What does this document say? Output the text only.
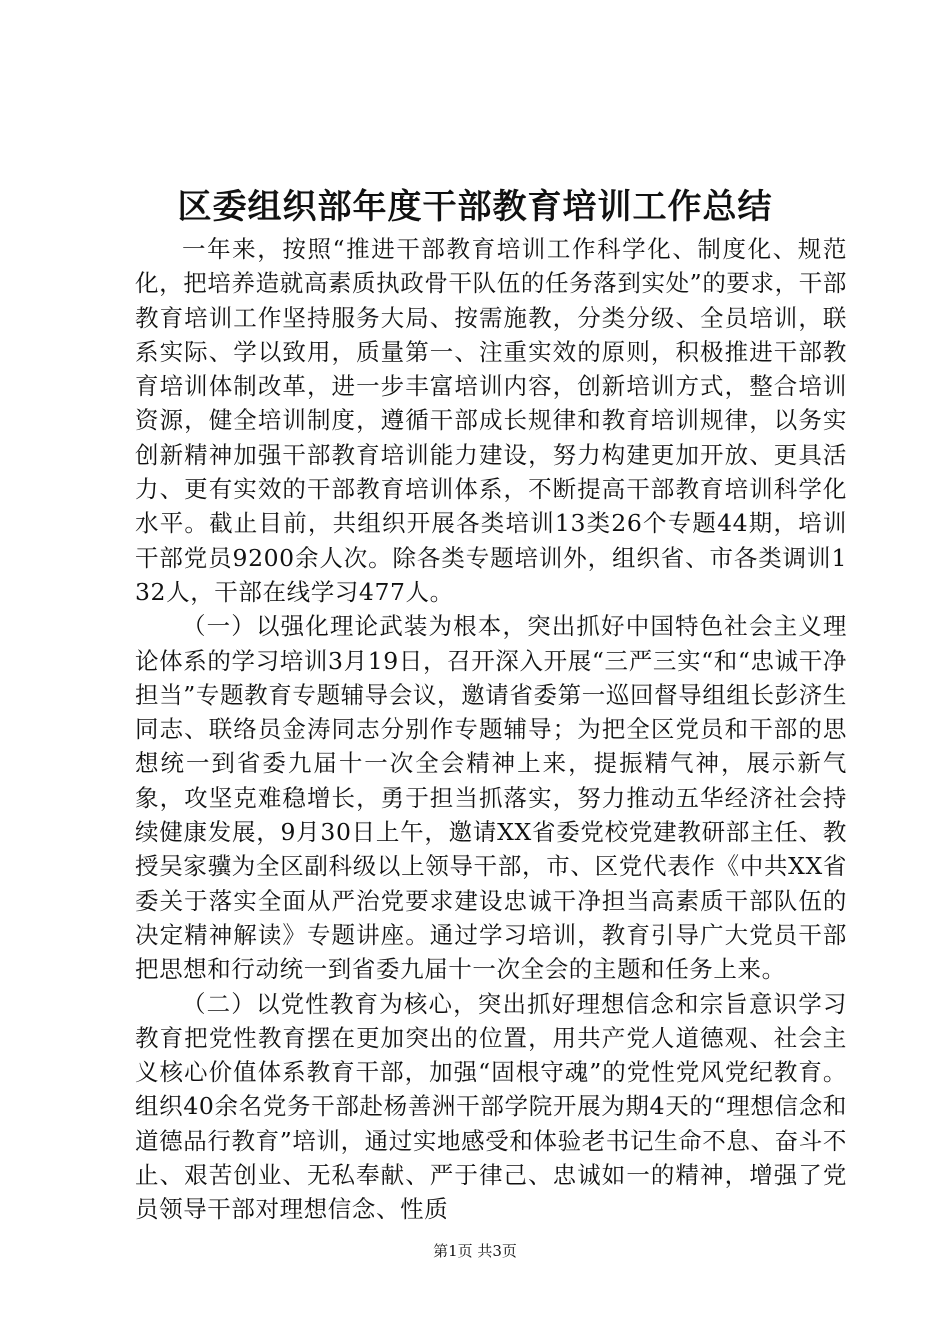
区委组织部年度干部教育培训工作总结

一年来，按照“推进干部教育培训工作科学化、制度化、规范化，把培养造就高素质执政骨干队伍的任务落到实处”的要求，干部教育培训工作坚持服务大局、按需施教，分类分级、全员培训，联系实际、学以致用，质量第一、注重实效的原则，积极推进干部教育培训体制改革，进一步丰富培训内容，创新培训方式，整合培训资源，健全培训制度，遵循干部成长规律和教育培训规律，以务实创新精神加强干部教育培训能力建设，努力构建更加开放、更具活力、更有实效的干部教育培训体系，不断提高干部教育培训科学化水平。截止目前，共组织开展各类培训13类26个专题44期，培训干部党员9200余人次。除各类专题培训外，组织省、市各类调训132人，干部在线学习477人。

（一）以强化理论武装为根本，突出抓好中国特色社会主义理论体系的学习培训3月19日，召开深入开展“三严三实“和“忠诚干净担当”专题教育专题辅导会议，邀请省委第一巡回督导组组长彭济生同志、联络员金涛同志分别作专题辅导；为把全区党员和干部的思想统一到省委九届十一次全会精神上来，提振精气神，展示新气象，攻坚克难稳增长，勇于担当抓落实，努力推动五华经济社会持续健康发展，9月30日上午，邀请XX省委党校党建教研部主任、教授吴家骥为全区副科级以上领导干部，市、区党代表作《中共XX省委关于落实全面从严治党要求建设忠诚干净担当高素质干部队伍的决定精神解读》专题讲座。通过学习培训，教育引导广大党员干部把思想和行动统一到省委九届十一次全会的主题和任务上来。

（二）以党性教育为核心，突出抓好理想信念和宗旨意识学习教育把党性教育摆在更加突出的位置，用共产党人道德观、社会主义核心价值体系教育干部，加强“固根守魂”的党性党风党纪教育。组织40余名党务干部赴杨善洲干部学院开展为期4天的“理想信念和道德品行教育”培训，通过实地感受和体验老书记生命不息、奋斗不止、艰苦创业、无私奉献、严于律己、忠诚如一的精神，增强了党员领导干部对理想信念、性质

第1页 共3页
